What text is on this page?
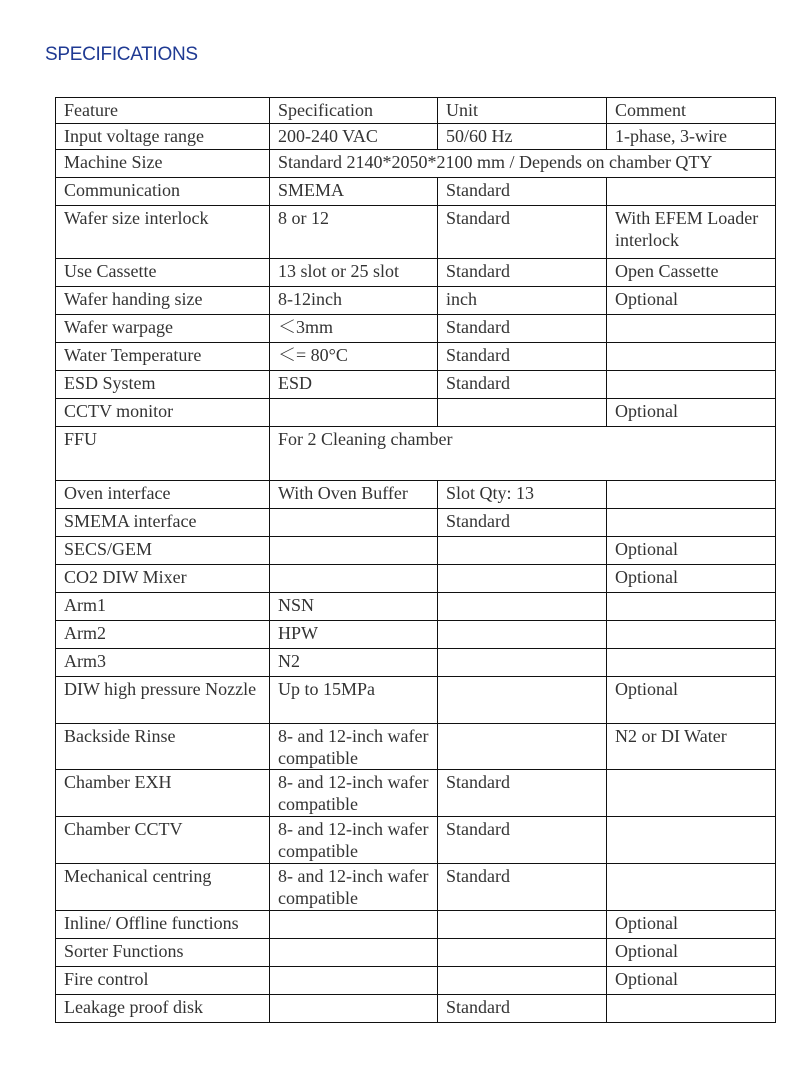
SPECIFICATIONS
Feature	Specification	Unit	Comment
Input voltage range	200-240 VAC	50/60 Hz	1-phase, 3-wire
Machine Size	Standard 2140*2050*2100 mm / Depends on chamber QTY		
Communication	SMEMA	Standard	
Wafer size interlock	8 or 12	Standard	With EFEM Loader interlock
Use Cassette	13 slot or 25 slot	Standard	Open Cassette
Wafer handing size	8-12inch	inch	Optional
Wafer warpage	＜3mm	Standard	
Water Temperature	＜= 80°C	Standard	
ESD System	ESD	Standard	
CCTV monitor			Optional
FFU	For 2 Cleaning chamber		
Oven interface	With Oven Buffer	Slot Qty: 13	
SMEMA interface		Standard	
SECS/GEM			Optional
CO2 DIW Mixer			Optional
Arm1	NSN		
Arm2	HPW		
Arm3	N2		
DIW high pressure Nozzle	Up to 15MPa		Optional
Backside Rinse	8- and 12-inch wafer compatible		N2 or DI Water
Chamber EXH	8- and 12-inch wafer compatible	Standard	
Chamber CCTV	8- and 12-inch wafer compatible	Standard	
Mechanical centring	8- and 12-inch wafer compatible	Standard	
Inline/ Offline functions			Optional
Sorter Functions			Optional
Fire control			Optional
Leakage proof disk		Standard	
